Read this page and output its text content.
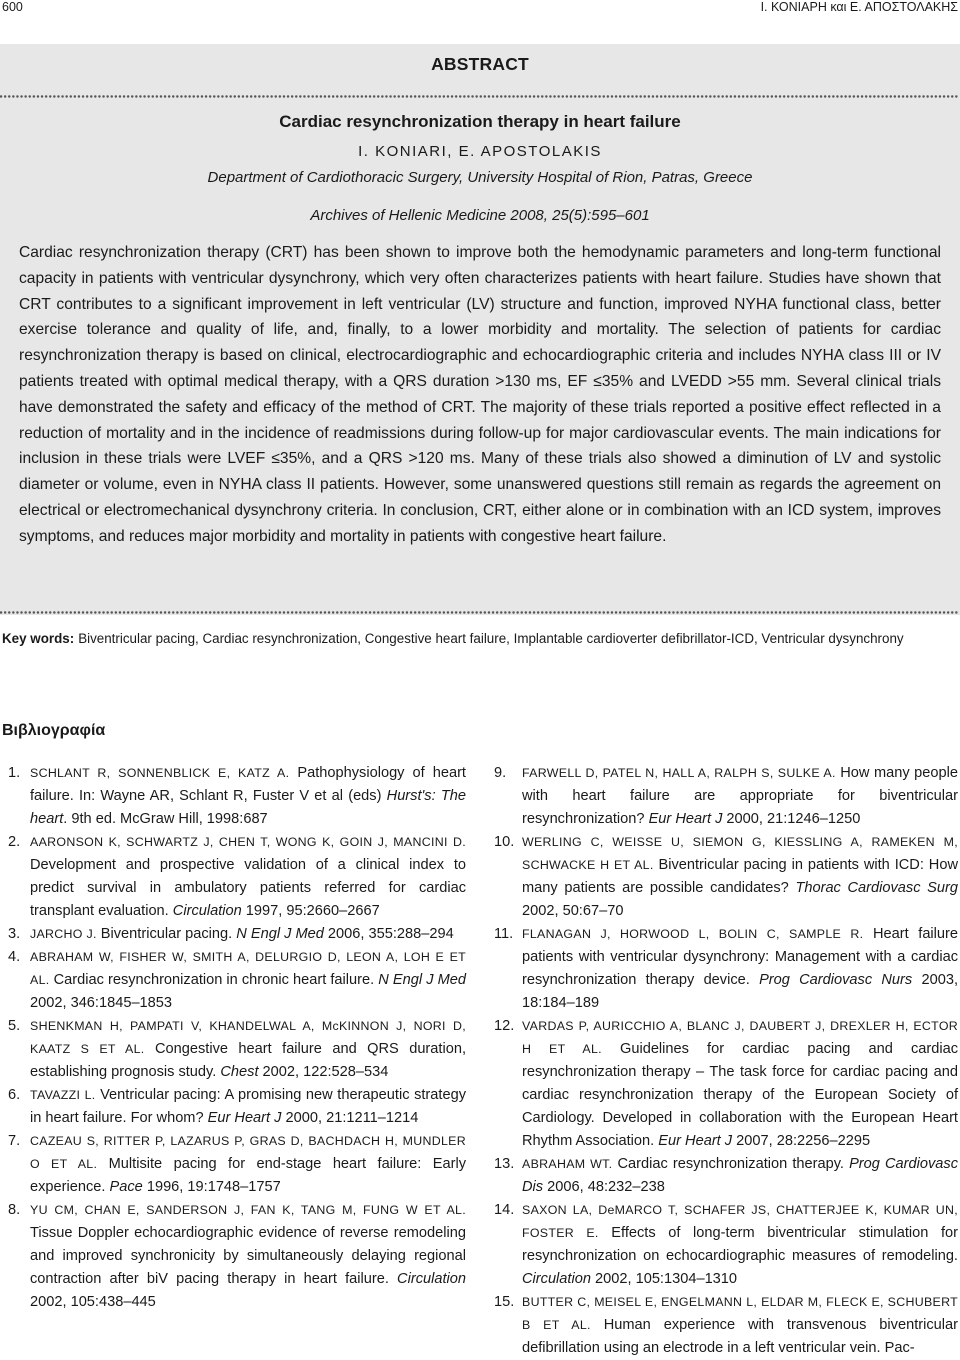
600	Ι. ΚΟΝΙΑΡΗ και Ε. ΑΠΟΣΤΟΛΑΚΗΣ
ABSTRACT
Cardiac resynchronization therapy in heart failure
I. KONIARI, E. APOSTOLAKIS
Department of Cardiothoracic Surgery, University Hospital of Rion, Patras, Greece
Archives of Hellenic Medicine 2008, 25(5):595–601
Cardiac resynchronization therapy (CRT) has been shown to improve both the hemodynamic parameters and long-term functional capacity in patients with ventricular dysynchrony, which very often characterizes patients with heart failure. Studies have shown that CRT contributes to a significant improvement in left ventricular (LV) structure and function, improved NYHA functional class, better exercise tolerance and quality of life, and, finally, to a lower morbidity and mortality. The selection of patients for cardiac resynchronization therapy is based on clinical, electrocardiographic and echocardiographic criteria and includes NYHA class III or IV patients treated with optimal medical therapy, with a QRS duration >130 ms, EF ≤35% and LVEDD >55 mm. Several clinical trials have demonstrated the safety and efficacy of the method of CRT. The majority of these trials reported a positive effect reflected in a reduction of mortality and in the incidence of readmissions during follow-up for major cardiovascular events. The main indications for inclusion in these trials were LVEF ≤35%, and a QRS >120 ms. Many of these trials also showed a diminution of LV and systolic diameter or volume, even in NYHA class II patients. However, some unanswered questions still remain as regards the agreement on electrical or electromechanical dysynchrony criteria. In conclusion, CRT, either alone or in combination with an ICD system, improves symptoms, and reduces major morbidity and mortality in patients with congestive heart failure.
Key words: Biventricular pacing, Cardiac resynchronization, Congestive heart failure, Implantable cardioverter defibrillator-ICD, Ventricular dysynchrony
Βιβλιογραφία
1. SCHLANT R, SONNENBLICK E, KATZ A. Pathophysiology of heart failure. In: Wayne AR, Schlant R, Fuster V et al (eds) Hurst's: The heart. 9th ed. McGraw Hill, 1998:687
2. AARONSON K, SCHWARTZ J, CHEN T, WONG K, GOIN J, MANCINI D. Development and prospective validation of a clinical index to predict survival in ambulatory patients referred for cardiac transplant evaluation. Circulation 1997, 95:2660–2667
3. JARCHO J. Biventricular pacing. N Engl J Med 2006, 355:288–294
4. ABRAHAM W, FISHER W, SMITH A, DELURGIO D, LEON A, LOH E ET AL. Cardiac resynchronization in chronic heart failure. N Engl J Med 2002, 346:1845–1853
5. SHENKMAN H, PAMPATI V, KHANDELWAL A, McKINNON J, NORI D, KAATZ S ET AL. Congestive heart failure and QRS duration, establishing prognosis study. Chest 2002, 122:528–534
6. TAVAZZI L. Ventricular pacing: A promising new therapeutic strategy in heart failure. For whom? Eur Heart J 2000, 21:1211–1214
7. CAZEAU S, RITTER P, LAZARUS P, GRAS D, BACHDACH H, MUNDLER O ET AL. Multisite pacing for end-stage heart failure: Early experience. Pace 1996, 19:1748–1757
8. YU CM, CHAN E, SANDERSON J, FAN K, TANG M, FUNG W ET AL. Tissue Doppler echocardiographic evidence of reverse remodeling and improved synchronicity by simultaneously delaying regional contraction after biV pacing therapy in heart failure. Circulation 2002, 105:438–445
9. FARWELL D, PATEL N, HALL A, RALPH S, SULKE A. How many people with heart failure are appropriate for biventricular resynchronization? Eur Heart J 2000, 21:1246–1250
10. WERLING C, WEISSE U, SIEMON G, KIESSLING A, RAMEKEN M, SCHWACKE H ET AL. Biventricular pacing in patients with ICD: How many patients are possible candidates? Thorac Cardiovasc Surg 2002, 50:67–70
11. FLANAGAN J, HORWOOD L, BOLIN C, SAMPLE R. Heart failure patients with ventricular dysynchrony: Management with a cardiac resynchronization therapy device. Prog Cardiovasc Nurs 2003, 18:184–189
12. VARDAS P, AURICCHIO A, BLANC J, DAUBERT J, DREXLER H, ECTOR H ET AL. Guidelines for cardiac pacing and cardiac resynchronization therapy – The task force for cardiac pacing and cardiac resynchronization therapy of the European Society of Cardiology. Developed in collaboration with the European Heart Rhythm Association. Eur Heart J 2007, 28:2256–2295
13. ABRAHAM WT. Cardiac resynchronization therapy. Prog Cardiovasc Dis 2006, 48:232–238
14. SAXON LA, DeMARCO T, SCHAFER JS, CHATTERJEE K, KUMAR UN, FOSTER E. Effects of long-term biventricular stimulation for resynchronization on echocardiographic measures of remodeling. Circulation 2002, 105:1304–1310
15. BUTTER C, MEISEL E, ENGELMANN L, ELDAR M, FLECK E, SCHUBERT B ET AL. Human experience with transvenous biventricular defibrillation using an electrode in a left ventricular vein. Pac-
